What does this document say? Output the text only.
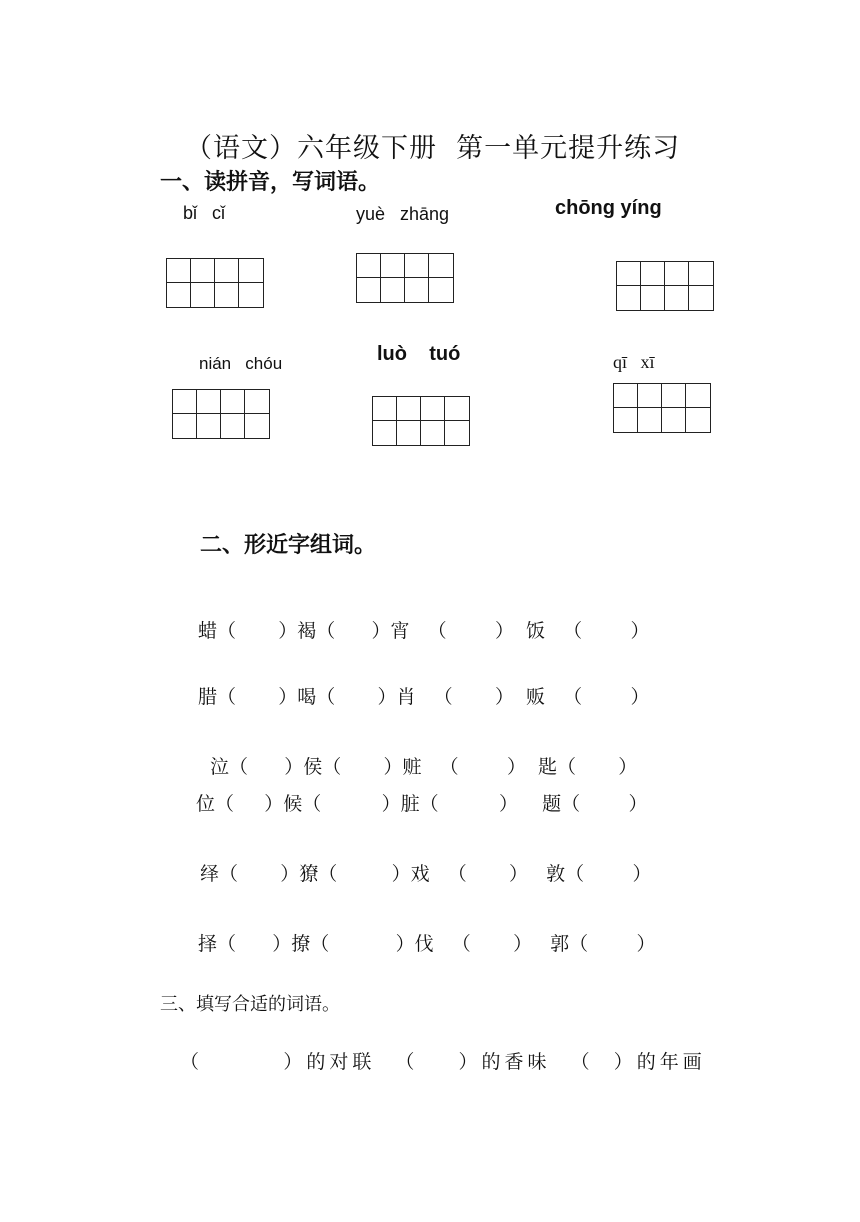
（语文）六年级下册  第一单元提升练习
一、读拼音，写词语。
bǐ   cǐ	yuè   zhāng	chōng yíng
nián   chóu	luò    tuó	qī   xī
二、形近字组词。
蜡（       ）褐（      ）宵   （        ）  饭   （        ）
腊（       ）喝（       ）肖   （       ）  贩   （        ）
泣（      ）侯（       ）赃   （        ）  匙（       ）
位（     ）候（          ）脏（          ）    题（        ）
绎（       ）獠（         ）戏   （       ）   敦（        ）
择（      ）撩（           ）伐   （       ）   郭（        ）
三、填写合适的词语。
（        ）的对联  （    ）的香味  （  ）的年画
